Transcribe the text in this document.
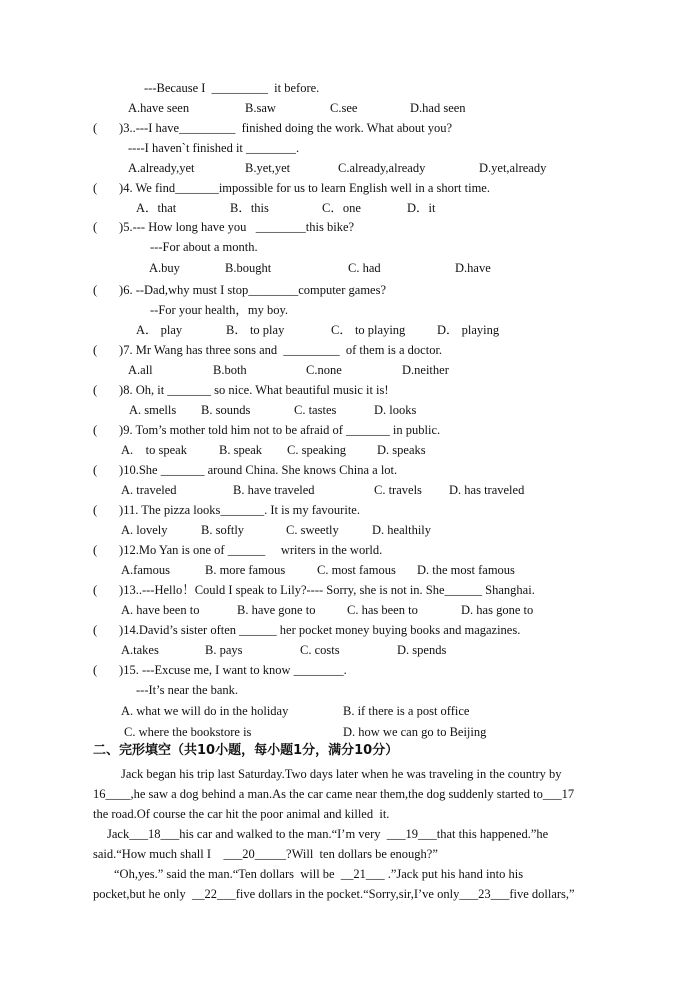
---Because I  _________  it before.
A.have seen	B.saw	C.see	D.had seen
(       )3..---I have_________  finished doing the work. What about you?
----I haven`t finished it ________.
A.already,yet	B.yet,yet	C.already,already	D.yet,already
(       )4. We find_______impossible for us to learn English well in a short time.
A．that	B．this	C．one	D．it
(       )5.--- How long have you   ________this bike?
---For about a month.
A.buy	B.bought	C. had	D.have
(       )6. --Dad,why must I stop________computer games?
--For your health，my boy.
A． play	B． to play	C． to playing	D． playing
(       )7. Mr Wang has three sons and  _________  of them is a doctor.
A.all	B.both	C.none	D.neither
(       )8. Oh, it _______ so nice. What beautiful music it is!
A. smells B. sounds	C. tastes	D. looks
(       )9. Tom’s mother told him not to be afraid of _______ in public.
A.    to speak	B. speak C. speaking D. speaks
(       )10.She _______ around China. She knows China a lot.
A. traveled	B. have traveled	C. travels D. has traveled
(       )11. The pizza looks_______. It is my favourite.
A. lovely	B. softly	C. sweetly	D. healthily
(       )12.Mo Yan is one of ______     writers in the world.
A.famous	B. more famous	C. most famous D. the most famous
(       )13..---Hello！Could I speak to Lily?---- Sorry, she is not in. She______ Shanghai.
A. have been to	B. have gone to	C. has been to	D. has gone to
(       )14.David’s sister often ______ her pocket money buying books and magazines.
A.takes	B. pays	C. costs	D. spends
(       )15. ---Excuse me, I want to know ________.
---It’s near the bank.
A. what we will do in the holiday	B. if there is a post office
C. where the bookstore is	D. how we can go to Beijing
二、完形填空（共10小题，每小题1分，满分10分）
Jack began his trip last Saturday.Two days later when he was traveling in the country by
16____,he saw a dog behind a man.As the car came near them,the dog suddenly started to___17
the road.Of course the car hit the poor animal and killed  it.
Jack___18___his car and walked to the man.“I’m very  ___19___that this happened.”he
said.“How much shall I    ___20_____?Will  ten dollars be enough?”
“Oh,yes.” said the man.“Ten dollars  will be  __21___ .”Jack put his hand into his
pocket,but he only  __22___five dollars in the pocket.“Sorry,sir,I’ve only___23___five dollars,”
